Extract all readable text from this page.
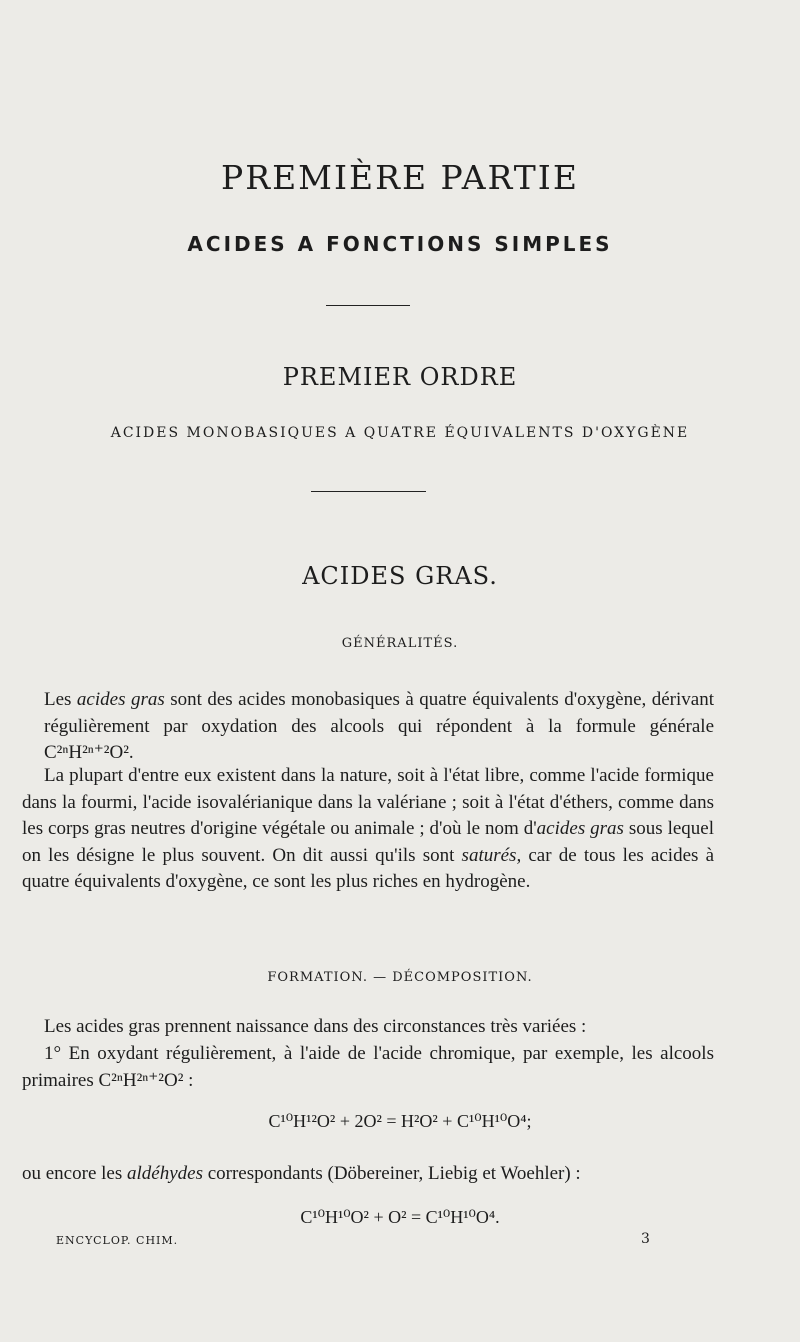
PREMIÈRE PARTIE
ACIDES A FONCTIONS SIMPLES
PREMIER ORDRE
ACIDES MONOBASIQUES A QUATRE ÉQUIVALENTS D'OXYGÈNE
ACIDES GRAS.
GÉNÉRALITÉS.

Les acides gras sont des acides monobasiques à quatre équivalents d'oxygène, dérivant régulièrement par oxydation des alcools qui répondent à la formule générale C²ⁿH²ⁿ⁺²O².

La plupart d'entre eux existent dans la nature, soit à l'état libre, comme l'acide formique dans la fourmi, l'acide isovalérianique dans la valériane ; soit à l'état d'éthers, comme dans les corps gras neutres d'origine végétale ou animale ; d'où le nom d'acides gras sous lequel on les désigne le plus souvent. On dit aussi qu'ils sont saturés, car de tous les acides à quatre équivalents d'oxygène, ce sont les plus riches en hydrogène.

FORMATION. — DÉCOMPOSITION.

Les acides gras prennent naissance dans des circonstances très variées :

1° En oxydant régulièrement, à l'aide de l'acide chromique, par exemple, les alcools primaires C²ⁿH²ⁿ⁺²O² :

C¹⁰H¹²O² + 2O² = H²O² + C¹⁰H¹⁰O⁴;

ou encore les aldéhydes correspondants (Döbereiner, Liebig et Woehler) :

C¹⁰H¹⁰O² + O² = C¹⁰H¹⁰O⁴.
ENCYCLOP. CHIM.	3
